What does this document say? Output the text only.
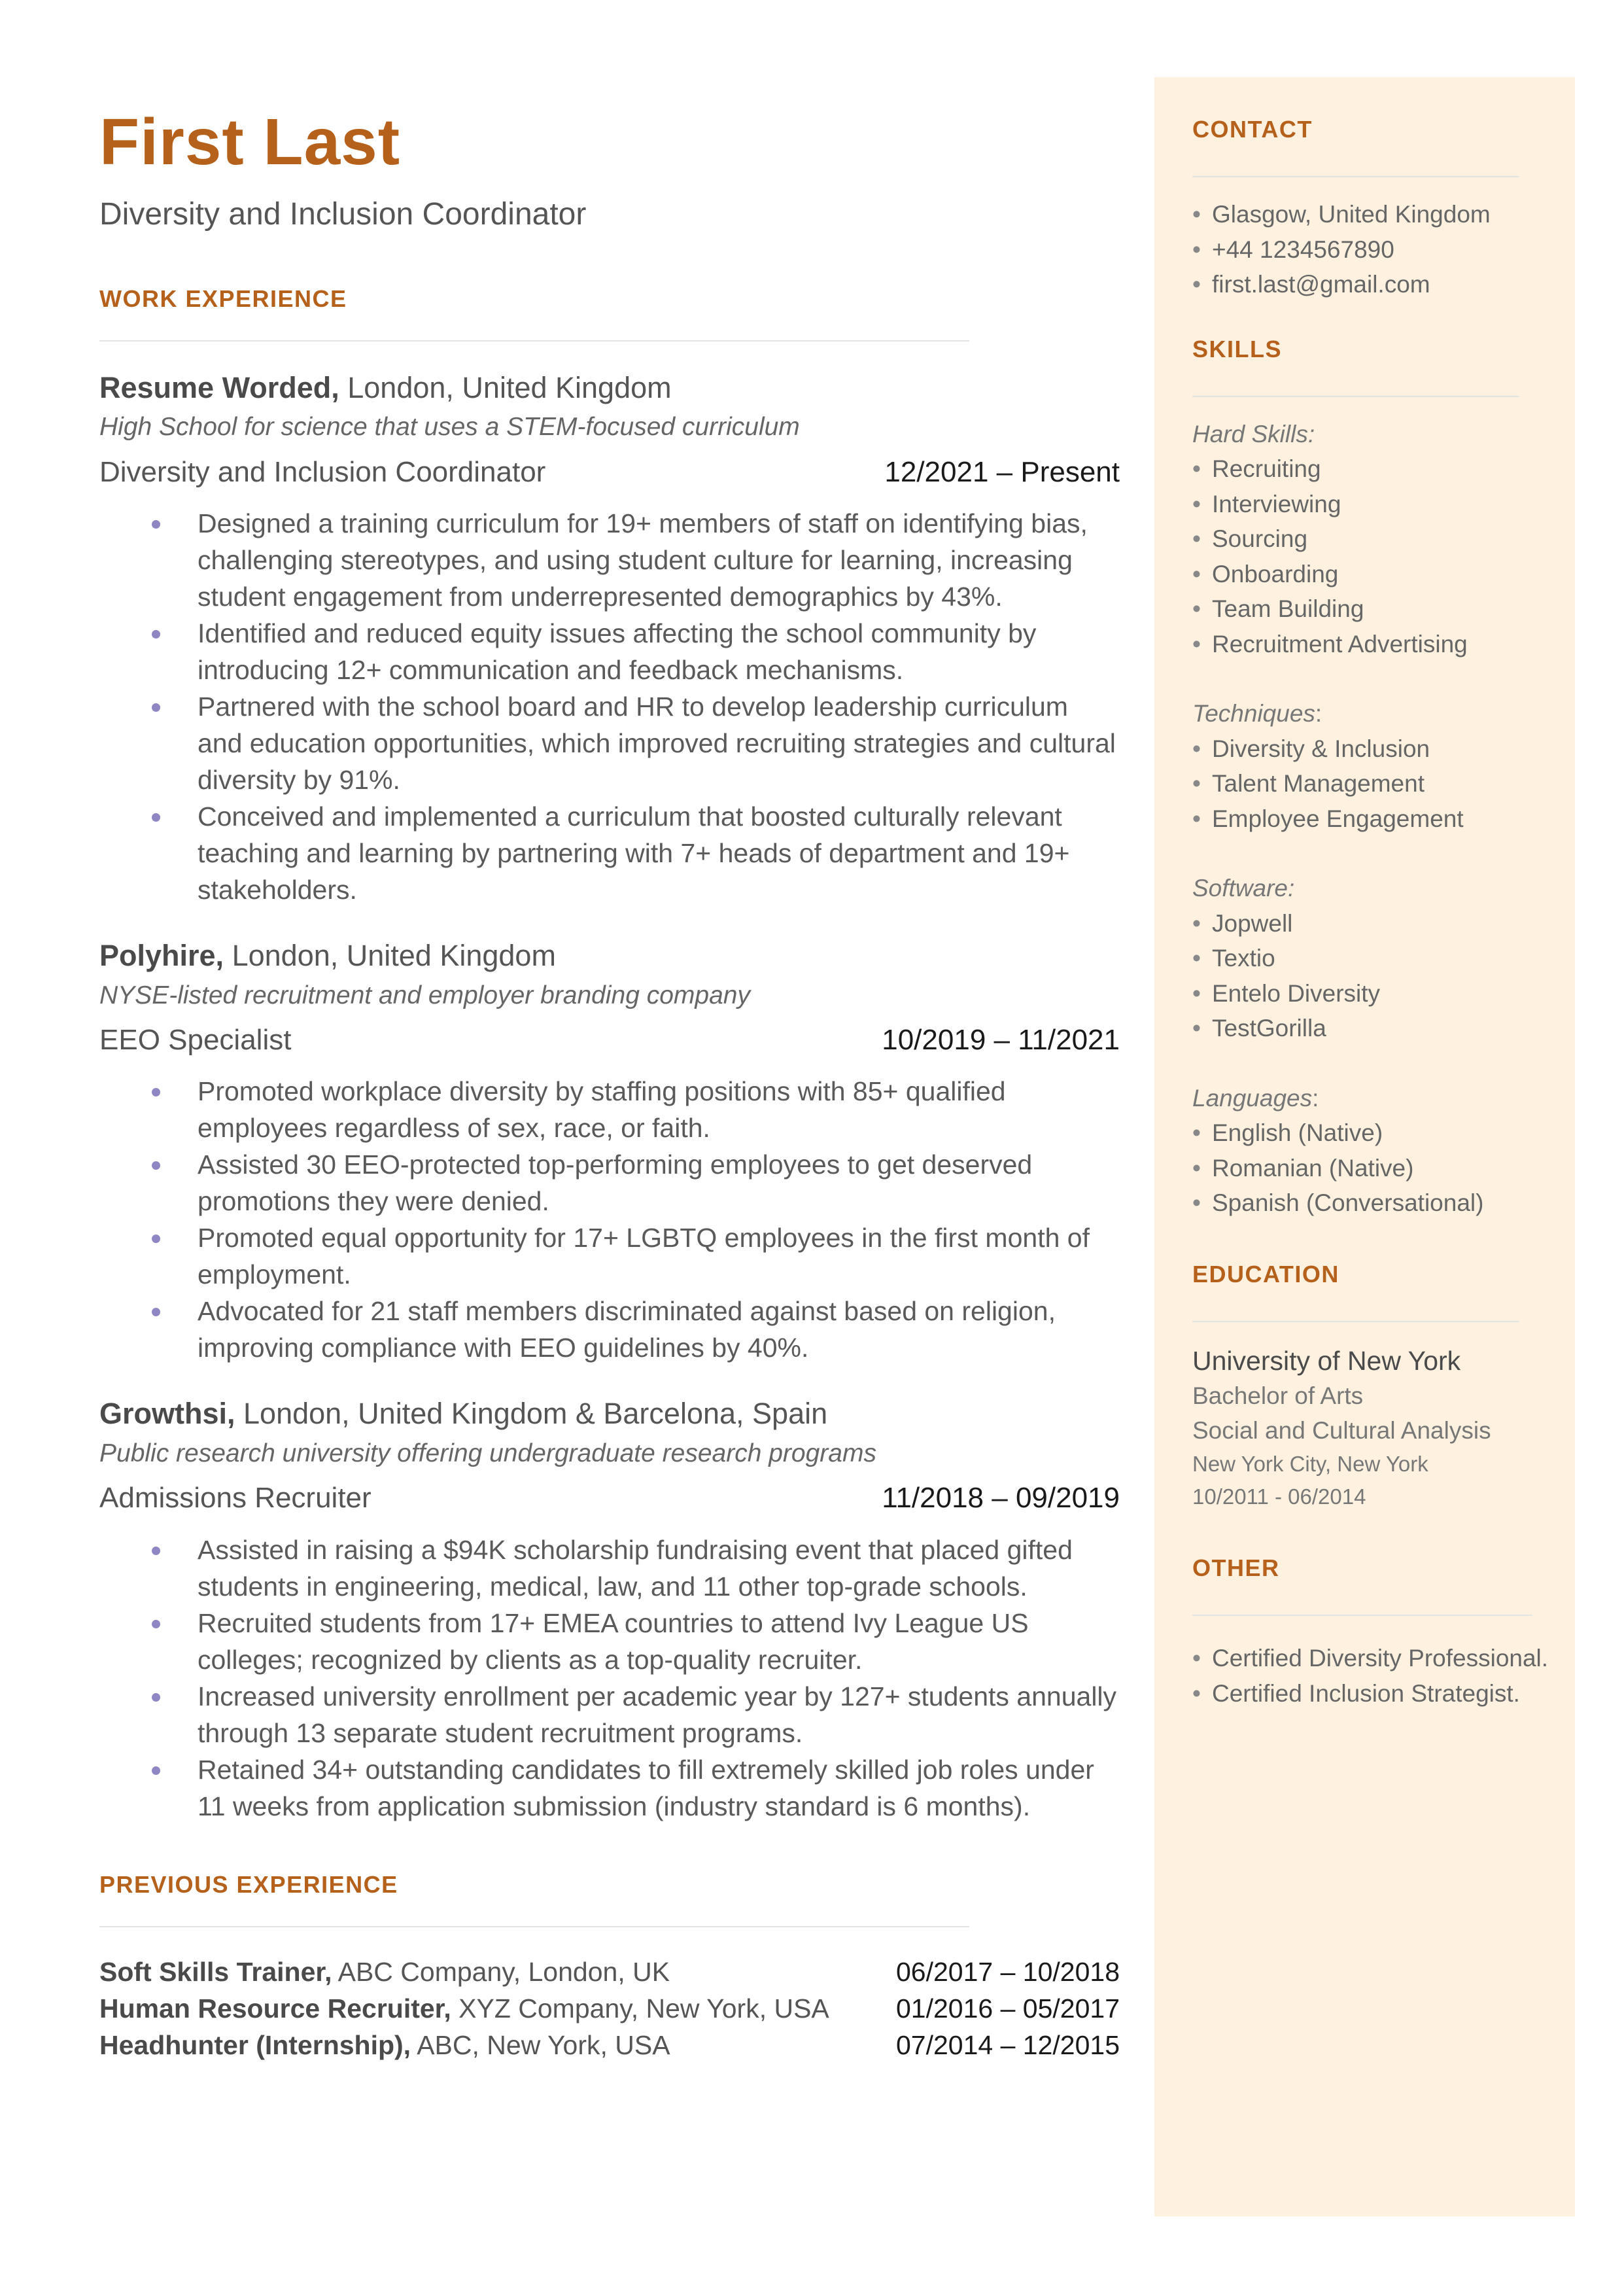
First Last
Diversity and Inclusion Coordinator
WORK EXPERIENCE
Resume Worded, London, United Kingdom
High School for science that uses a STEM-focused curriculum
Diversity and Inclusion Coordinator	12/2021 – Present
Designed a training curriculum for 19+ members of staff on identifying bias, challenging stereotypes, and using student culture for learning, increasing student engagement from underrepresented demographics by 43%.
Identified and reduced equity issues affecting the school community by introducing 12+ communication and feedback mechanisms.
Partnered with the school board and HR to develop leadership curriculum and education opportunities, which improved recruiting strategies and cultural diversity by 91%.
Conceived and implemented a curriculum that boosted culturally relevant teaching and learning by partnering with 7+ heads of department and 19+ stakeholders.
Polyhire, London, United Kingdom
NYSE-listed recruitment and employer branding company
EEO Specialist	10/2019 – 11/2021
Promoted workplace diversity by staffing positions with 85+ qualified employees regardless of sex, race, or faith.
Assisted 30 EEO-protected top-performing employees to get deserved promotions they were denied.
Promoted equal opportunity for 17+ LGBTQ employees in the first month of employment.
Advocated for 21 staff members discriminated against based on religion, improving compliance with EEO guidelines by 40%.
Growthsi, London, United Kingdom & Barcelona, Spain
Public research university offering undergraduate research programs
Admissions Recruiter	11/2018 – 09/2019
Assisted in raising a $94K scholarship fundraising event that placed gifted students in engineering, medical, law, and 11 other top-grade schools.
Recruited students from 17+ EMEA countries to attend Ivy League US colleges; recognized by clients as a top-quality recruiter.
Increased university enrollment per academic year by 127+ students annually through 13 separate student recruitment programs.
Retained 34+ outstanding candidates to fill extremely skilled job roles under 11 weeks from application submission (industry standard is 6 months).
PREVIOUS EXPERIENCE
Soft Skills Trainer, ABC Company, London, UK	06/2017 – 10/2018
Human Resource Recruiter, XYZ Company, New York, USA 01/2016 – 05/2017
Headhunter (Internship), ABC, New York, USA	07/2014 – 12/2015
CONTACT
• Glasgow, United Kingdom
• +44 1234567890
• first.last@gmail.com
SKILLS
Hard Skills:
• Recruiting
• Interviewing
• Sourcing
• Onboarding
• Team Building
• Recruitment Advertising
Techniques:
• Diversity & Inclusion
• Talent Management
• Employee Engagement
Software:
• Jopwell
• Textio
• Entelo Diversity
• TestGorilla
Languages:
• English (Native)
• Romanian (Native)
• Spanish (Conversational)
EDUCATION
University of New York
Bachelor of Arts
Social and Cultural Analysis
New York City, New York
10/2011 - 06/2014
OTHER
• Certified Diversity Professional.
• Certified Inclusion Strategist.
